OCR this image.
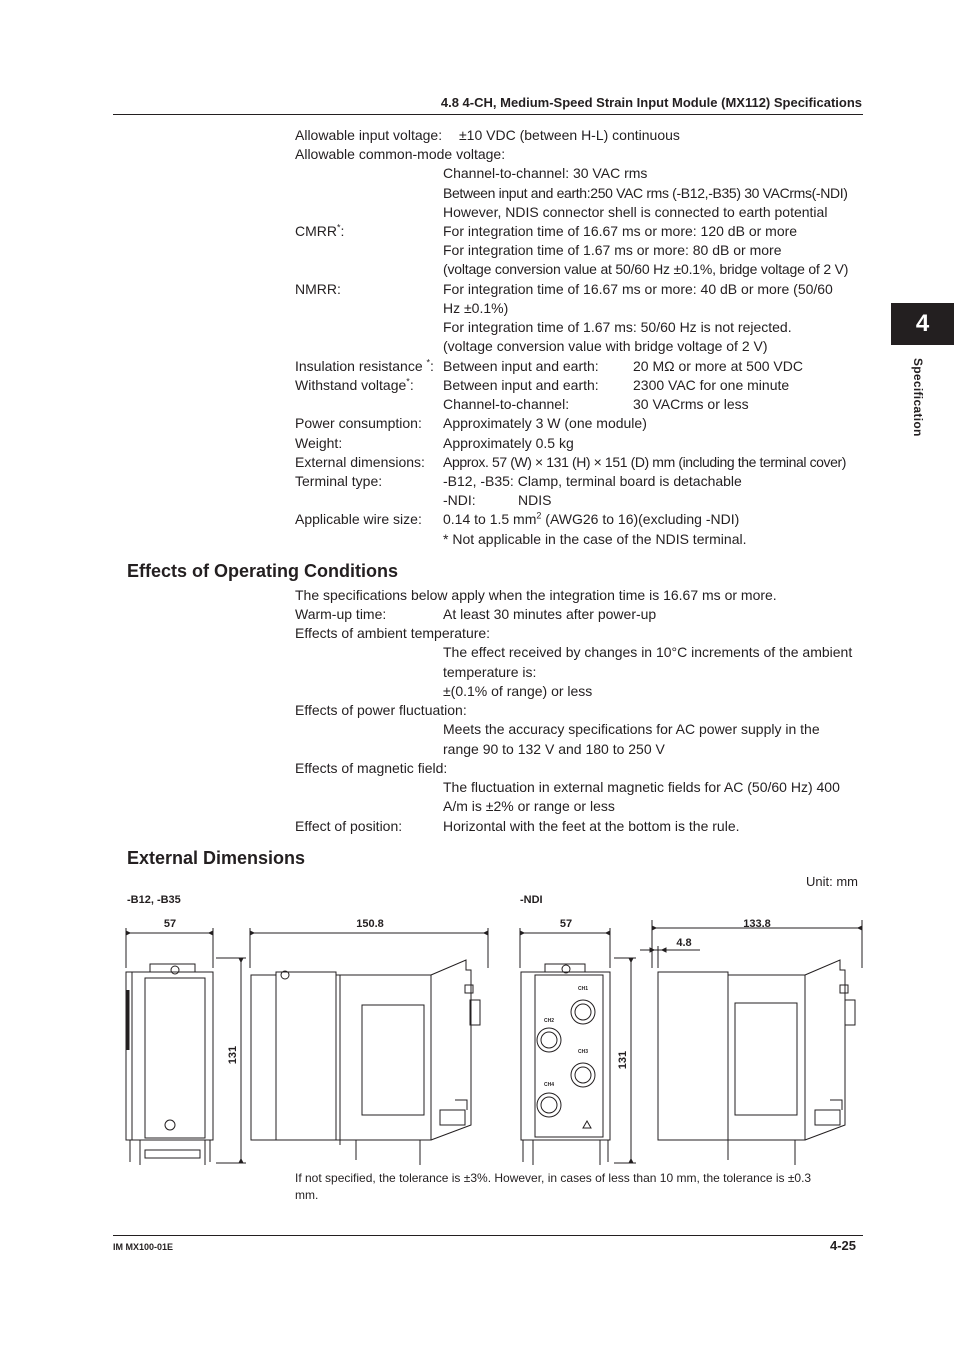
4.8 4-CH, Medium-Speed Strain Input Module (MX112) Specifications
4
Specification
Allowable input voltage: ±10 VDC (between H-L) continuous
Allowable common-mode voltage:
Channel-to-channel: 30 VAC rms
Between input and earth:250 VAC rms (-B12,-B35) 30 VACrms(-NDI)
However, NDIS connector shell is connected to earth potential
CMRR*:	For integration time of 16.67 ms or more: 120 dB or more
For integration time of 1.67 ms or more: 80 dB or more
(voltage conversion value at 50/60 Hz ±0.1%, bridge voltage of 2 V)
NMRR:	For integration time of 16.67 ms or more: 40 dB or more (50/60
Hz ±0.1%)
For integration time of 1.67 ms: 50/60 Hz is not rejected.
(voltage conversion value with bridge voltage of 2 V)
Insulation resistance *: Between input and earth: 20 MΩ or more at 500 VDC
Withstand voltage*: Between input and earth: 2300 VAC for one minute
Channel-to-channel:	30 VACrms or less
Power consumption: Approximately 3 W (one module)
Weight:	Approximately 0.5 kg
External dimensions: Approx. 57 (W) × 131 (H) × 151 (D) mm (including the terminal cover)
Terminal type:	-B12, -B35: Clamp, terminal board is detachable
-NDI:	NDIS
Applicable wire size: 0.14 to 1.5 $mm^2$ (AWG26 to 16)(excluding -NDI)
* Not applicable in the case of the NDIS terminal.
Effects of Operating Conditions
The specifications below apply when the integration time is 16.67 ms or more.
Warm-up time:	At least 30 minutes after power-up
Effects of ambient temperature:
The effect received by changes in 10°C increments of the ambient
temperature is:
±(0.1% of range) or less
Effects of power fluctuation:
Meets the accuracy specifications for AC power supply in the
range 90 to 132 V and 180 to 250 V
Effects of magnetic field:
The fluctuation in external magnetic fields for AC (50/60 Hz) 400
A/m is ±2% or range or less
Effect of position:	Horizontal with the feet at the bottom is the rule.
External Dimensions
Unit: mm
-B12, -B35	-NDI
57	150.8
131
57	133.8
4.8
131
CH1
CH2
CH3
CH4
If not specified, the tolerance is ±3%. However, in cases of less than 10 mm, the tolerance is ±0.3
mm.
IM MX100-01E	4-25
